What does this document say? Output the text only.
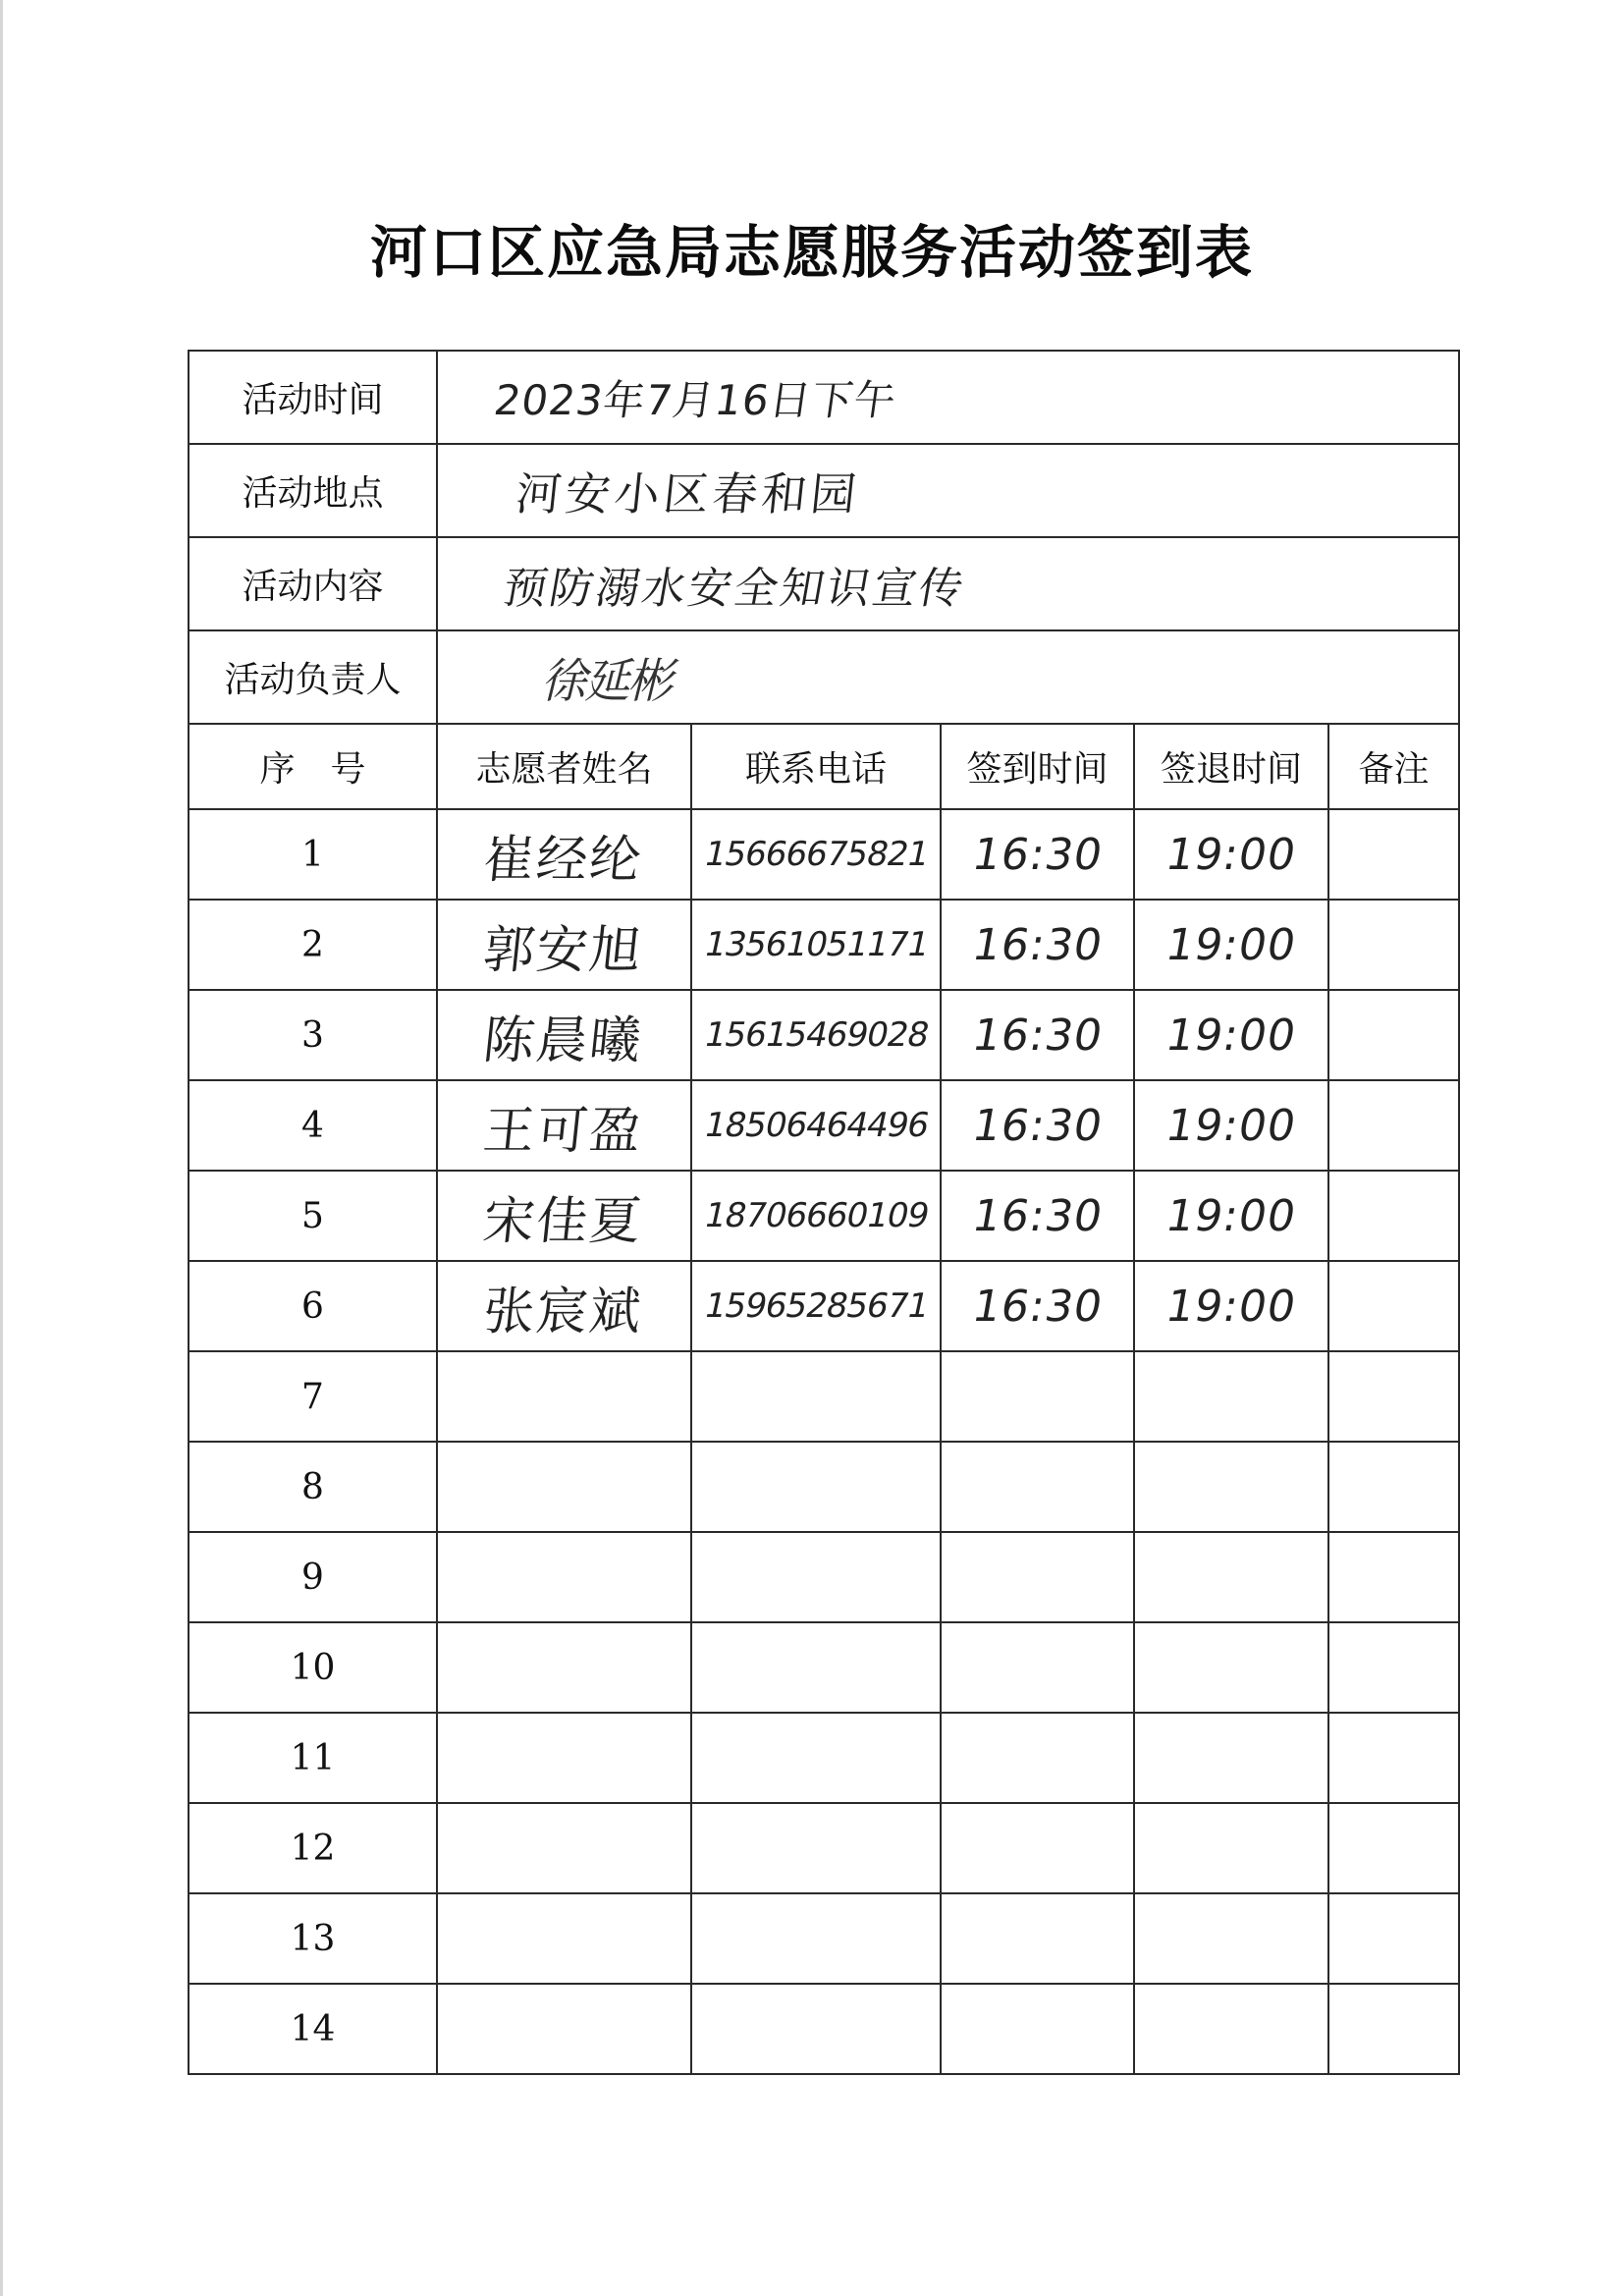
河口区应急局志愿服务活动签到表
活动时间	2023年7月16日下午				
活动地点	河安小区春和园				
活动内容	预防溺水安全知识宣传				
活动负责人	徐延彬				
序　号	志愿者姓名	联系电话	签到时间	签退时间	备注
1	崔经纶	15666675821	16:30	19:00	
2	郭安旭	13561051171	16:30	19:00	
3	陈晨曦	15615469028	16:30	19:00	
4	王可盈	18506464496	16:30	19:00	
5	宋佳夏	18706660109	16:30	19:00	
6	张宸斌	15965285671	16:30	19:00	
7					
8					
9					
10					
11					
12					
13					
14					
